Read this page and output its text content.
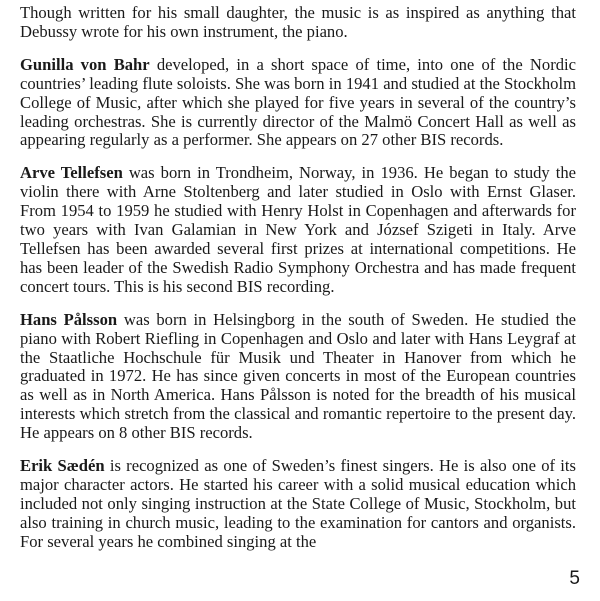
Though written for his small daughter, the music is as inspired as anything that Debussy wrote for his own instrument, the piano.

Gunilla von Bahr developed, in a short space of time, into one of the Nordic countries’ leading flute soloists. She was born in 1941 and studied at the Stockholm College of Music, after which she played for five years in several of the country’s leading orchestras. She is currently director of the Malmö Concert Hall as well as appearing regularly as a performer. She appears on 27 other BIS records.

Arve Tellefsen was born in Trondheim, Norway, in 1936. He began to study the violin there with Arne Stoltenberg and later studied in Oslo with Ernst Glaser. From 1954 to 1959 he studied with Henry Holst in Copenhagen and afterwards for two years with Ivan Galamian in New York and József Szigeti in Italy. Arve Tellefsen has been awarded several first prizes at international competitions. He has been leader of the Swedish Radio Symphony Orchestra and has made frequent concert tours. This is his second BIS recording.

Hans Pålsson was born in Helsingborg in the south of Sweden. He studied the piano with Robert Riefling in Copenhagen and Oslo and later with Hans Leygraf at the Staatliche Hochschule für Musik und Theater in Hanover from which he graduated in 1972. He has since given concerts in most of the European countries as well as in North America. Hans Pålsson is noted for the breadth of his musical interests which stretch from the classical and romantic repertoire to the present day. He appears on 8 other BIS records.

Erik Sædén is recognized as one of Sweden’s finest singers. He is also one of its major character actors. He started his career with a solid musical education which included not only singing instruction at the State College of Music, Stockholm, but also training in church music, leading to the examination for cantors and organists. For several years he combined singing at the

5
